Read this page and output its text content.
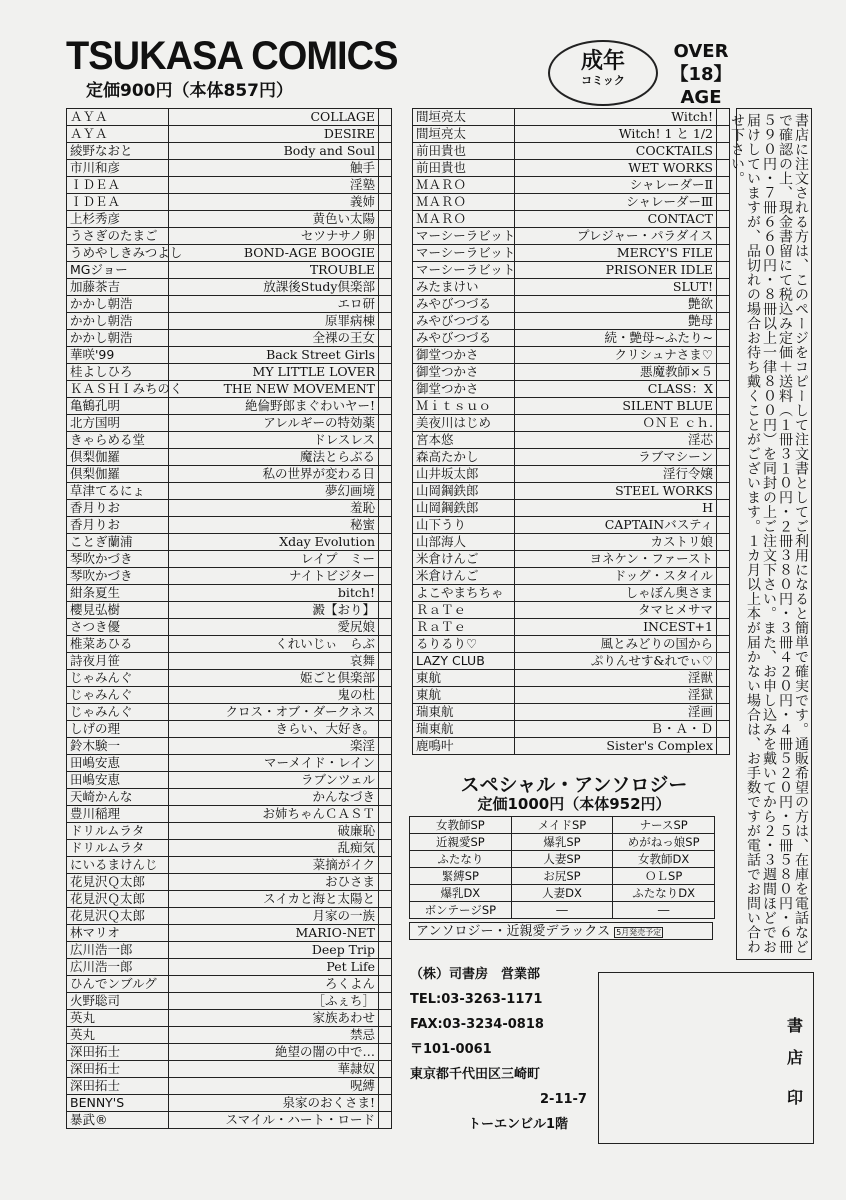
TSUKASA COMICS
定価900円（本体857円）
成年
コミック
OVER
【18】
AGE
ＡＹＡ	COLLAGE	
ＡＹＡ	DESIRE	
綾野なおと	Body and Soul	
市川和彦	触手	
ＩＤＥＡ	淫塾	
ＩＤＥＡ	義姉	
上杉秀彦	黄色い太陽	
うさぎのたまご	セツナサノ卵	
うめやしきみつよし	BOND-AGE BOOGIE	
MGジョー	TROUBLE	
加藤茶吉	放課後Study倶楽部	
かかし朝浩	エロ研	
かかし朝浩	原罪病棟	
かかし朝浩	全裸の王女	
華咲'99	Back Street Girls	
桂よしひろ	MY LITTLE LOVER	
ＫＡＳＨＩみちのく	THE NEW MOVEMENT	
亀鶴孔明	絶倫野郎まぐわいヤー!	
北方国明	アレルギーの特効薬	
きゃらめる堂	ドレスレス	
倶梨伽羅	魔法とらぶる	
倶梨伽羅	私の世界が変わる日	
草津てるにょ	夢幻画境	
香月りお	羞恥	
香月りお	秘蜜	
ことぎ蘭浦	Xday Evolution	
琴吹かづき	レイプ　ミー	
琴吹かづき	ナイトビジター	
紺条夏生	bitch!	
櫻見弘樹	澱【おり】	
さつき優	愛尻娘	
椎菜あひる	くれいじぃ　らぶ	
詩夜月笹	哀舞	
じゃみんぐ	姫ごと倶楽部	
じゃみんぐ	鬼の杜	
じゃみんぐ	クロス・オブ・ダークネス	
しげの理	きらい、大好き。	
鈴木験一	楽淫	
田嶋安恵	マーメイド・レイン	
田嶋安恵	ラブンツェル	
天崎かんな	かんなづき	
豊川稲理	お姉ちゃんＣＡＳＴ	
ドリルムラタ	破廉恥	
ドリルムラタ	乱痴気	
にいるまけんじ	菜摘がイク	
花見沢Ｑ太郎	おひさま	
花見沢Ｑ太郎	スイカと海と太陽と	
花見沢Ｑ太郎	月家の一族	
林マリオ	MARIO-NET	
広川浩一郎	Deep Trip	
広川浩一郎	Pet Life	
ひんでンブルグ	ろくよん	
火野聡司	［ふぇち］	
英丸	家族あわせ	
英丸	禁忌	
深田拓士	絶望の闇の中で…	
深田拓士	華隷奴	
深田拓士	呪縛	
BENNY'S	泉家のおくさま!	
暴武®	スマイル・ハート・ロード	
間垣亮太	Witch!	
間垣亮太	Witch! 1 と 1/2	
前田貴也	COCKTAILS	
前田貴也	WET WORKS	
ＭＡＲＯ	シャレーダーⅡ	
ＭＡＲＯ	シャレーダーⅢ	
ＭＡＲＯ	CONTACT	
マーシーラビット	プレジャー・パラダイス	
マーシーラビット	MERCY'S FILE	
マーシーラビット	PRISONER IDLE	
みたまけい	SLUT!	
みやびつづる	艶欲	
みやびつづる	艶母	
みやびつづる	続・艶母~ふたり~	
御堂つかさ	クリシュナさま♡	
御堂つかさ	悪魔教師×５	
御堂つかさ	CLASS：X	
Ｍｉｔｓｕｏ	SILENT BLUE	
美夜川はじめ	ＯＮＥ ｃｈ.	
宮本悠	淫芯	
森高たかし	ラブマシーン	
山井坂太郎	淫行令嬢	
山岡鋼鉄郎	STEEL WORKS	
山岡鋼鉄郎	H	
山下うり	CAPTAINバスティ	
山部海人	カストリ娘	
米倉けんご	ヨネケン・ファースト	
米倉けんご	ドッグ・スタイル	
よこやまちちゃ	しゃぼん奥さま	
ＲａＴｅ	タマヒメサマ	
ＲａＴｅ	INCEST+1	
るりるり♡	風とみどりの国から	
LAZY CLUB	ぷりんせす&れでぃ♡	
東航	淫獣	
東航	淫獄	
瑞東航	淫画	
瑞東航	Ｂ・Ａ・Ｄ	
鹿鳴叶	Sister's Complex		書店に注文される方は、このページをコピーして注文書としてご利用になると簡単で確実です。通販希望の方は、在庫を電話などで確認の上、現金書留にて税込み定価＋送料（１冊３１０円・２冊３８０円・３冊４２０円・４冊５２０円・５冊５８０円・６冊５９０円・７冊６６０円・８冊以上一律８００円）を同封の上ご注文下さい。また、お申し込みを戴いてから２・３週間ほどでお届けしていますが、品切れの場合お待ち戴くことがございます。１カ月以上本が届かない場合は、お手数ですが電話でお問い合わせ下さい。
スペシャル・アンソロジー
定価1000円（本体952円）
女教師SP	メイドSP	ナースSP
近親愛SP	爆乳SP	めがねっ娘SP
ふたなり	人妻SP	女教師DX
緊縛SP	お尻SP	ＯＬSP
爆乳DX	人妻DX	ふたなりDX
ボンテージSP	―	―
アンソロジー・近親愛デラックス 5月発売予定
（株）司書房　営業部
TEL:03-3263-1171
FAX:03-3234-0818
〒101-0061
東京都千代田区三崎町
2-11-7
トーエンビル1階
書
店
印
